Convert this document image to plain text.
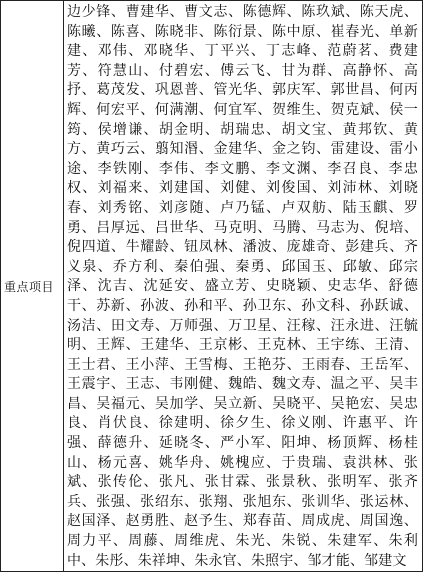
重点项目

边少锋、曹建华、曹文志、陈德辉、陈玖斌、陈天虎、陈曦、陈喜、陈晓非、陈衍景、陈中原、崔春光、单新建、邓伟、邓晓华、丁平兴、丁志峰、范蔚茗、费建芳、符慧山、付碧宏、傅云飞、甘为群、高静怀、高抒、葛茂发、巩恩普、管光华、郭庆军、郭世昌、何丙辉、何宏平、何满潮、何宜军、贺维生、贺克斌、侯一筠、侯增谦、胡金明、胡瑞忠、胡文宝、黄邦钦、黄方、黄巧云、翦知湣、金建华、金之钧、雷建设、雷小途、李铁刚、李伟、李文鹏、李文渊、李召良、李忠权、刘福来、刘建国、刘健、刘俊国、刘沛林、刘晓春、刘秀铭、刘彦随、卢乃锰、卢双舫、陆玉麒、罗勇、吕厚远、吕世华、马克明、马腾、马志为、倪培、倪四道、牛耀龄、钮凤林、潘波、庞雄奇、彭建兵、齐义泉、乔方利、秦伯强、秦勇、邱国玉、邱敏、邱宗泽、沈吉、沈延安、盛立芳、史晓颖、史志华、舒德干、苏新、孙波、孙和平、孙卫东、孙文科、孙跃诚、汤洁、田文寿、万师强、万卫星、汪稼、汪永进、汪毓明、王辉、王建华、王京彬、王克林、王宇练、王清、王士君、王小萍、王雪梅、王艳芬、王雨春、王岳军、王震宇、王志、韦刚健、魏皓、魏文寿、温之平、吴丰昌、吴福元、吴加学、吴立新、吴晓平、吴艳宏、吴忠良、肖伏良、徐建明、徐夕生、徐义刚、许惠平、许强、薛德升、延晓冬、严小军、阳坤、杨顶辉、杨桂山、杨元喜、姚华舟、姚槐应、于贵瑞、袁洪林、张斌、张传伦、张凡、张甘霖、张景秋、张明军、张齐兵、张强、张绍东、张翔、张旭东、张训华、张运林、赵国泽、赵勇胜、赵予生、郑春苗、周成虎、周国逸、周力平、周藤、周维虎、朱光、朱锐、朱建军、朱利中、朱彤、朱祥坤、朱永官、朱照宇、邹才能、邹建文
